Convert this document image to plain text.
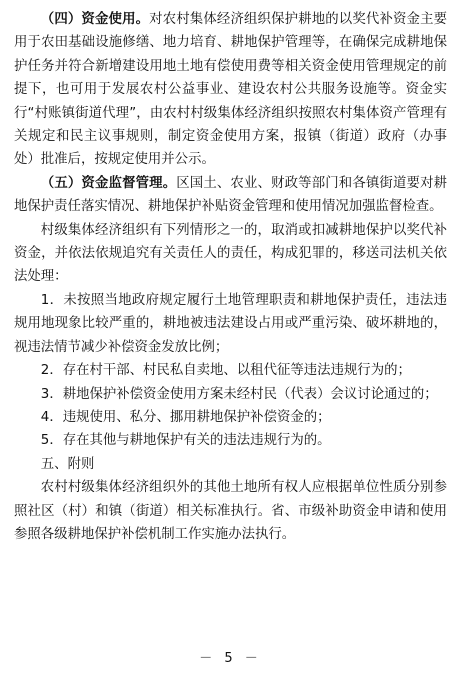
（四）资金使用。对农村集体经济组织保护耕地的以奖代补资金主要用于农田基础设施修缮、地力培育、耕地保护管理等，在确保完成耕地保护任务并符合新增建设用地土地有偿使用费等相关资金使用管理规定的前提下，也可用于发展农村公益事业、建设农村公共服务设施等。资金实行“村账镇街道代理”，由农村村级集体经济组织按照农村集体资产管理有关规定和民主议事规则，制定资金使用方案，报镇（街道）政府（办事处）批准后，按规定使用并公示。

（五）资金监督管理。区国土、农业、财政等部门和各镇街道要对耕地保护责任落实情况、耕地保护补贴资金管理和使用情况加强监督检查。

村级集体经济组织有下列情形之一的，取消或扣减耕地保护以奖代补资金，并依法依规追究有关责任人的责任，构成犯罪的，移送司法机关依法处理：

1．未按照当地政府规定履行土地管理职责和耕地保护责任，违法违规用地现象比较严重的，耕地被违法建设占用或严重污染、破坏耕地的，视违法情节减少补偿资金发放比例；

2．存在村干部、村民私自卖地、以租代征等违法违规行为的；

3．耕地保护补偿资金使用方案未经村民（代表）会议讨论通过的；

4．违规使用、私分、挪用耕地保护补偿资金的；

5．存在其他与耕地保护有关的违法违规行为的。

五、附则

农村村级集体经济组织外的其他土地所有权人应根据单位性质分别参照社区（村）和镇（街道）相关标准执行。省、市级补助资金申请和使用参照各级耕地保护补偿机制工作实施办法执行。

－ 5 －
